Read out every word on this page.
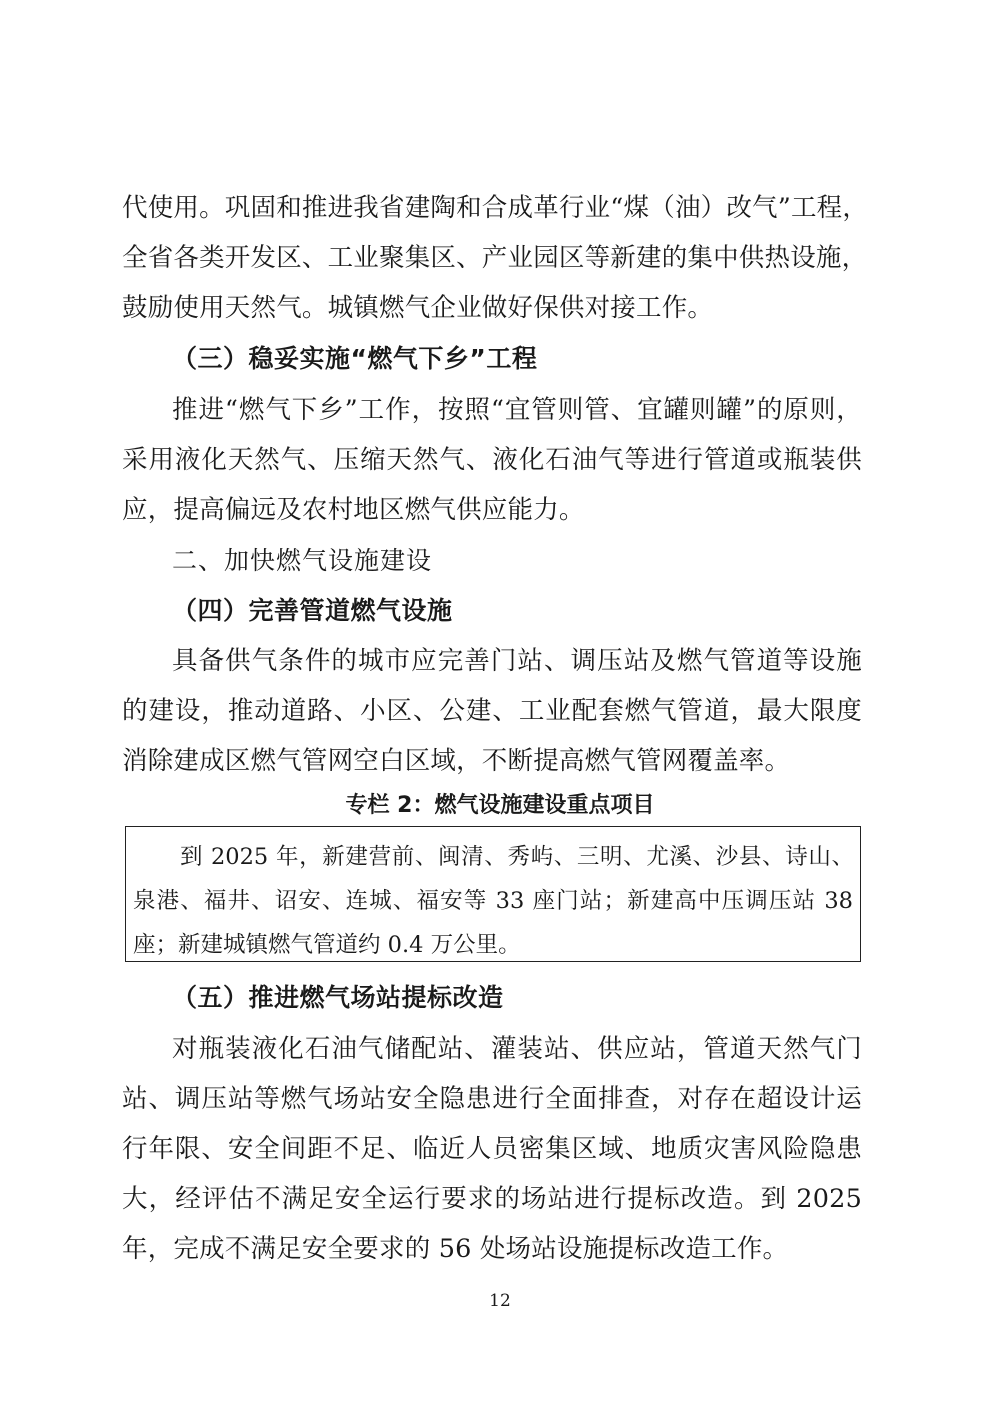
代使用。巩固和推进我省建陶和合成革行业“煤（油）改气”工程，
全省各类开发区、工业聚集区、产业园区等新建的集中供热设施，
鼓励使用天然气。城镇燃气企业做好保供对接工作。
（三）稳妥实施“燃气下乡”工程
推进“燃气下乡”工作，按照“宜管则管、宜罐则罐”的原则，
采用液化天然气、压缩天然气、液化石油气等进行管道或瓶装供
应，提高偏远及农村地区燃气供应能力。
二、加快燃气设施建设
（四）完善管道燃气设施
具备供气条件的城市应完善门站、调压站及燃气管道等设施
的建设，推动道路、小区、公建、工业配套燃气管道，最大限度
消除建成区燃气管网空白区域，不断提高燃气管网覆盖率。
专栏 2：燃气设施建设重点项目
到 2025 年，新建营前、闽清、秀屿、三明、尤溪、沙县、诗山、
泉港、福井、诏安、连城、福安等 33 座门站；新建高中压调压站 38
座；新建城镇燃气管道约 0.4 万公里。
（五）推进燃气场站提标改造
对瓶装液化石油气储配站、灌装站、供应站，管道天然气门
站、调压站等燃气场站安全隐患进行全面排查，对存在超设计运
行年限、安全间距不足、临近人员密集区域、地质灾害风险隐患
大，经评估不满足安全运行要求的场站进行提标改造。到 2025
年，完成不满足安全要求的 56 处场站设施提标改造工作。
12
